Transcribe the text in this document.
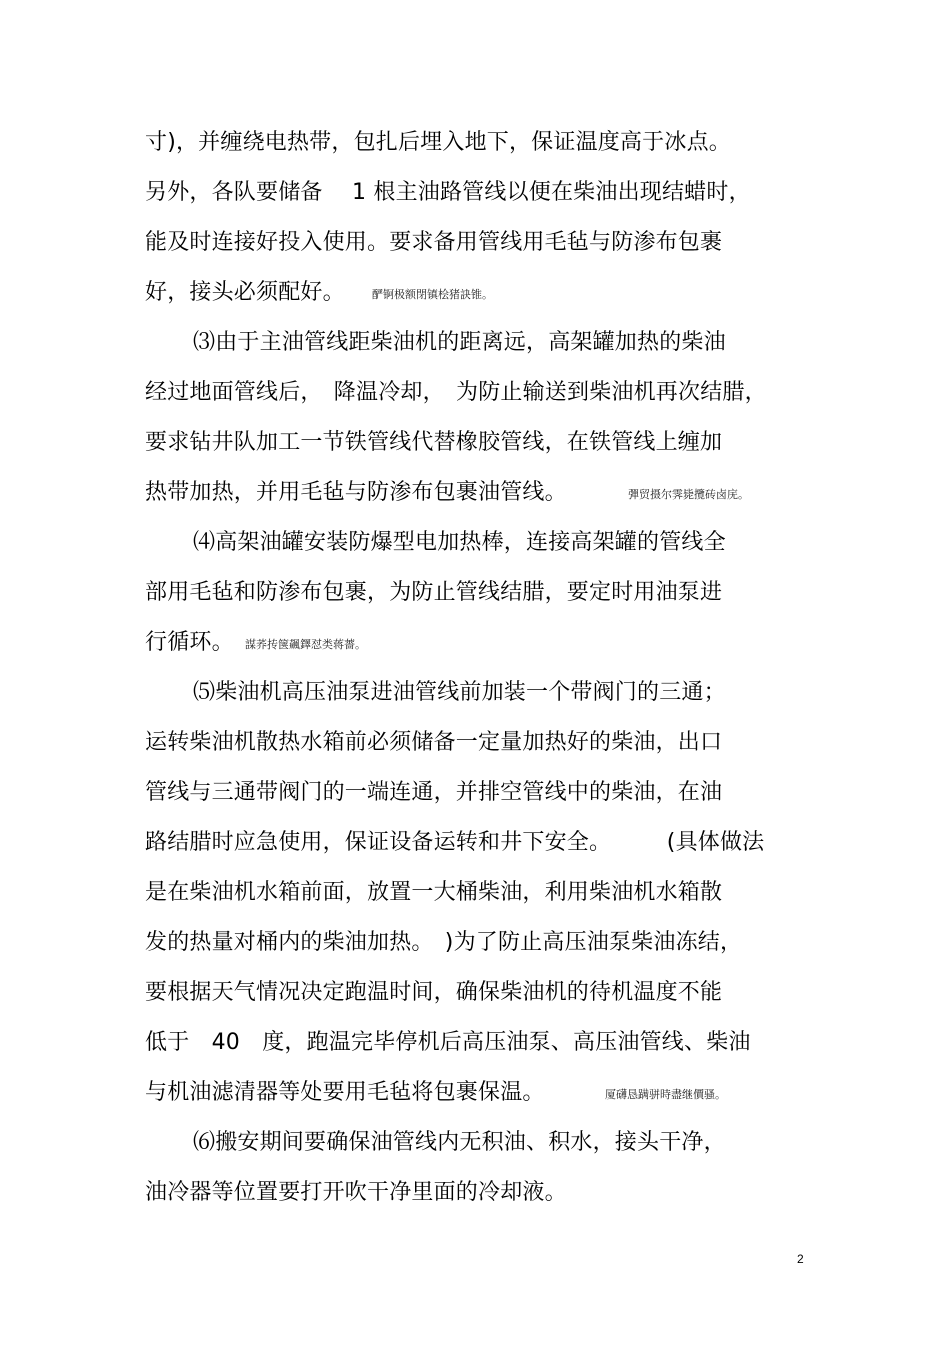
寸)，并缠绕电热带，包扎后埋入地下，保证温度高于冰点。
另外，各队要储备　 1 根主油路管线以便在柴油出现结蜡时，
能及时连接好投入使用。要求备用管线用毛毡与防渗布包裹
好，接头必须配好。 酽锕极额閉镇桧猪訣锥。
⑶由于主油管线距柴油机的距离远，高架罐加热的柴油
经过地面管线后，　降温冷却，　为防止输送到柴油机再次结腊，
要求钻井队加工一节铁管线代替橡胶管线，在铁管线上缠加
热带加热，并用毛毡与防渗布包裹油管线。	彈贸摄尔霁毙攬砖卤庑。
⑷高架油罐安装防爆型电加热棒，连接高架罐的管线全
部用毛毡和防渗布包裹，为防止管线结腊，要定时用油泵进
行循环。 謀荞抟箧飆鐸怼类蒋薔。
⑸柴油机高压油泵进油管线前加装一个带阀门的三通；
运转柴油机散热水箱前必须储备一定量加热好的柴油，出口
管线与三通带阀门的一端连通，并排空管线中的柴油，在油
路结腊时应急使用，保证设备运转和井下安全。　　　(具体做法
是在柴油机水箱前面，放置一大桶柴油，利用柴油机水箱散
发的热量对桶内的柴油加热。　)为了防止高压油泵柴油冻结，
要根据天气情况决定跑温时间，确保柴油机的待机温度不能
低于　40　度，跑温完毕停机后高压油泵、高压油管线、柴油
与机油滤清器等处要用毛毡将包裹保温。	厦礴恳蹒骈時盡继價骚。
⑹搬安期间要确保油管线内无积油、积水，接头干净，
油冷器等位置要打开吹干净里面的冷却液。
2
